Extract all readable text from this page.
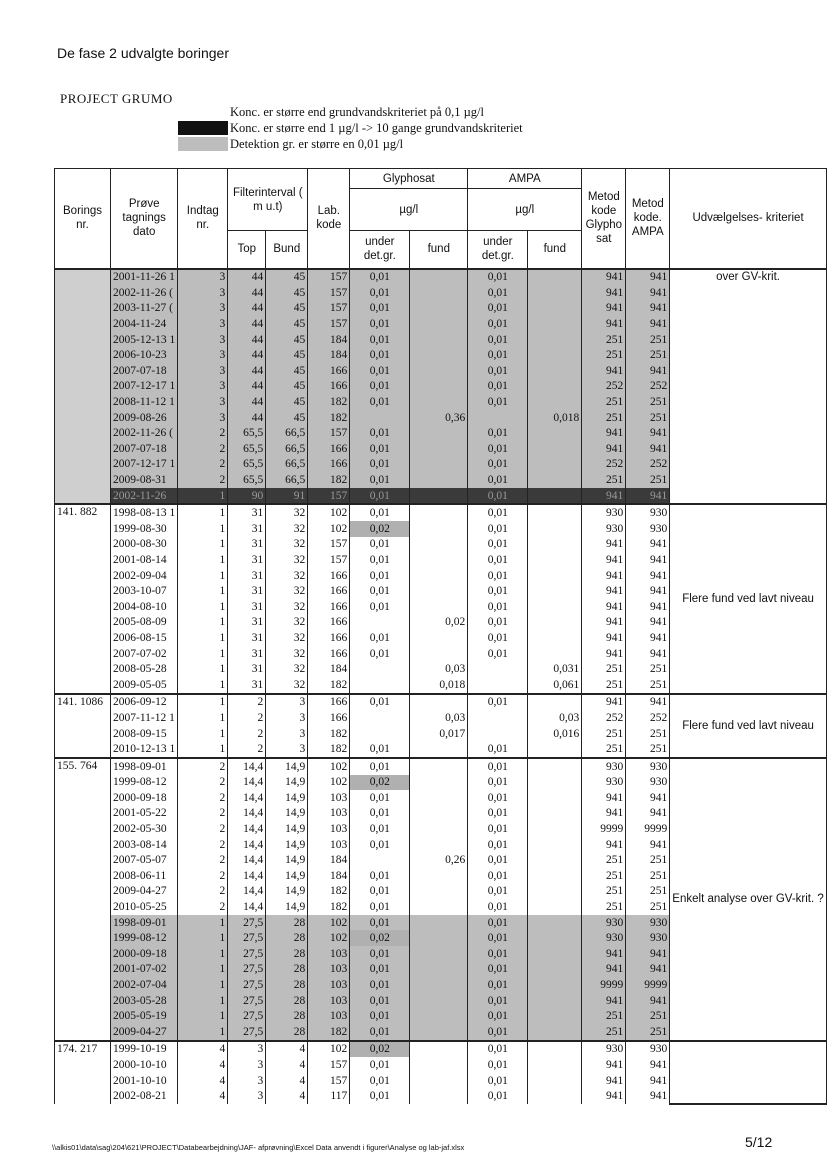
De fase 2 udvalgte boringer
PROJECT GRUMO
Konc. er større end grundvandskriteriet på 0,1 µg/l
Konc. er større end 1 µg/l -> 10 gange grundvandskriteriet
Detektion gr. er større en 0,01 µg/l
Borings nr.	Prøve tagnings dato	Indtag nr.	Filterinterval ( m u.t)		Lab. kode	Glyphosat		AMPA		Metod kode Glypho sat	Metod kode. AMPA	Udvælgelses- kriteriet
						µg/l		µg/l				
			Top	Bund		under det.gr.	fund	under det.gr.	fund			
	2001-11-26 1	3	44	45	157	0,01		0,01		941	941	over GV-krit.
	2002-11-26 (	3	44	45	157	0,01		0,01		941	941	
	2003-11-27 (	3	44	45	157	0,01		0,01		941	941	
	2004-11-24	3	44	45	157	0,01		0,01		941	941	
	2005-12-13 1	3	44	45	184	0,01		0,01		251	251	
	2006-10-23	3	44	45	184	0,01		0,01		251	251	
	2007-07-18	3	44	45	166	0,01		0,01		941	941	
	2007-12-17 1	3	44	45	166	0,01		0,01		252	252	
	2008-11-12 1	3	44	45	182	0,01		0,01		251	251	
	2009-08-26	3	44	45	182		0,36		0,018	251	251	
	2002-11-26 (	2	65,5	66,5	157	0,01		0,01		941	941	
	2007-07-18	2	65,5	66,5	166	0,01		0,01		941	941	
	2007-12-17 1	2	65,5	66,5	166	0,01		0,01		252	252	
	2009-08-31	2	65,5	66,5	182	0,01		0,01		251	251	
	2002-11-26	1	90	91	157	0,01		0,01		941	941	
141. 882	1998-08-13 1	1	31	32	102	0,01		0,01		930	930	Flere fund ved lavt niveau
	1999-08-30	1	31	32	102	0,02		0,01		930	930	
	2000-08-30	1	31	32	157	0,01		0,01		941	941	
	2001-08-14	1	31	32	157	0,01		0,01		941	941	
	2002-09-04	1	31	32	166	0,01		0,01		941	941	
	2003-10-07	1	31	32	166	0,01		0,01		941	941	
	2004-08-10	1	31	32	166	0,01		0,01		941	941	
	2005-08-09	1	31	32	166		0,02	0,01		941	941	
	2006-08-15	1	31	32	166	0,01		0,01		941	941	
	2007-07-02	1	31	32	166	0,01		0,01		941	941	
	2008-05-28	1	31	32	184		0,03		0,031	251	251	
	2009-05-05	1	31	32	182		0,018		0,061	251	251	
141. 1086	2006-09-12	1	2	3	166	0,01		0,01		941	941	Flere fund ved lavt niveau
	2007-11-12 1	1	2	3	166		0,03		0,03	252	252	
	2008-09-15	1	2	3	182		0,017		0,016	251	251	
	2010-12-13 1	1	2	3	182	0,01		0,01		251	251	
155. 764	1998-09-01	2	14,4	14,9	102	0,01		0,01		930	930	Enkelt analyse over GV-krit. ?
	1999-08-12	2	14,4	14,9	102	0,02		0,01		930	930	
	2000-09-18	2	14,4	14,9	103	0,01		0,01		941	941	
	2001-05-22	2	14,4	14,9	103	0,01		0,01		941	941	
	2002-05-30	2	14,4	14,9	103	0,01		0,01		9999	9999	
	2003-08-14	2	14,4	14,9	103	0,01		0,01		941	941	
	2007-05-07	2	14,4	14,9	184		0,26	0,01		251	251	
	2008-06-11	2	14,4	14,9	184	0,01		0,01		251	251	
	2009-04-27	2	14,4	14,9	182	0,01		0,01		251	251	
	2010-05-25	2	14,4	14,9	182	0,01		0,01		251	251	
	1998-09-01	1	27,5	28	102	0,01		0,01		930	930	
	1999-08-12	1	27,5	28	102	0,02		0,01		930	930	
	2000-09-18	1	27,5	28	103	0,01		0,01		941	941	
	2001-07-02	1	27,5	28	103	0,01		0,01		941	941	
	2002-07-04	1	27,5	28	103	0,01		0,01		9999	9999	
	2003-05-28	1	27,5	28	103	0,01		0,01		941	941	
	2005-05-19	1	27,5	28	103	0,01		0,01		251	251	
	2009-04-27	1	27,5	28	182	0,01		0,01		251	251	
174. 217	1999-10-19	4	3	4	102	0,02		0,01		930	930	
	2000-10-10	4	3	4	157	0,01		0,01		941	941	
	2001-10-10	4	3	4	157	0,01		0,01		941	941	
	2002-08-21	4	3	4	117	0,01		0,01		941	941	
\\alkis01\data\sag\204\621\PROJECT\Databearbejdning\JAF- afprøvning\Excel Data anvendt i figurer\Analyse og lab-jaf.xlsx	5/12
